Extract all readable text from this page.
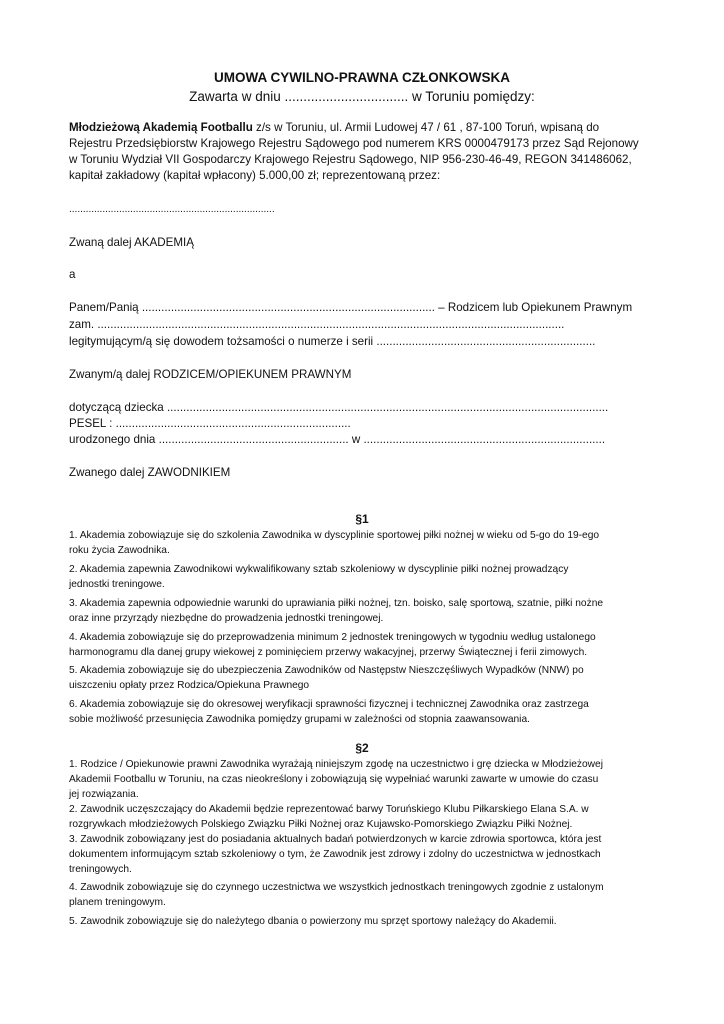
UMOWA CYWILNO-PRAWNA CZŁONKOWSKA
Zawarta w dniu ................................. w Toruniu pomiędzy:
Młodzieżową Akademią Footballu z/s w Toruniu, ul. Armii Ludowej 47 / 61 , 87-100 Toruń, wpisaną do
Rejestru Przedsiębiorstw Krajowego Rejestru Sądowego pod numerem KRS 0000479173 przez Sąd Rejonowy
w Toruniu Wydział VII Gospodarczy Krajowego Rejestru Sądowego, NIP 956-230-46-49, REGON 341486062,
kapitał zakładowy (kapitał wpłacony) 5.000,00 zł; reprezentowaną przez:
..........................................................................
Zwaną dalej AKADEMIĄ
a
Panem/Panią ........................................................................................... – Rodzicem lub Opiekunem Prawnym
zam. .................................................................................................................................................
legitymującym/ą się dowodem tożsamości o numerze i serii ....................................................................
Zwanym/ą dalej RODZICEM/OPIEKUNEM PRAWNYM
dotyczącą dziecka .........................................................................................................................................
PESEL : .........................................................................
urodzonego dnia ........................................................... w ...........................................................................
Zwanego dalej ZAWODNIKIEM
§1
1. Akademia zobowiązuje się do szkolenia Zawodnika w dyscyplinie sportowej piłki nożnej w wieku od 5-go do 19-ego
roku życia Zawodnika.
2. Akademia zapewnia Zawodnikowi wykwalifikowany sztab szkoleniowy w dyscyplinie piłki nożnej prowadzący
jednostki treningowe.
3. Akademia zapewnia odpowiednie warunki do uprawiania piłki nożnej, tzn. boisko, salę sportową, szatnie, piłki nożne
oraz inne przyrządy niezbędne do prowadzenia jednostki treningowej.
4. Akademia zobowiązuje się do przeprowadzenia minimum 2 jednostek treningowych w tygodniu według ustalonego
harmonogramu dla danej grupy wiekowej z pominięciem przerwy wakacyjnej, przerwy Świątecznej i ferii zimowych.
5. Akademia zobowiązuje się do ubezpieczenia Zawodników od Następstw Nieszczęśliwych Wypadków (NNW) po
uiszczeniu opłaty przez Rodzica/Opiekuna Prawnego
6. Akademia zobowiązuje się do okresowej weryfikacji sprawności fizycznej i technicznej Zawodnika oraz zastrzega
sobie możliwość przesunięcia Zawodnika pomiędzy grupami w zależności od stopnia zaawansowania.
§2
1. Rodzice / Opiekunowie prawni Zawodnika wyrażają niniejszym zgodę na uczestnictwo i grę dziecka w Młodzieżowej
Akademii Footballu w Toruniu, na czas nieokreślony i zobowiązują się wypełniać warunki zawarte w umowie do czasu
jej rozwiązania.
2. Zawodnik uczęszczający do Akademii będzie reprezentować barwy Toruńskiego Klubu Piłkarskiego Elana S.A. w
rozgrywkach młodzieżowych Polskiego Związku Piłki Nożnej oraz Kujawsko-Pomorskiego Związku Piłki Nożnej.
3. Zawodnik zobowiązany jest do posiadania aktualnych badań potwierdzonych w karcie zdrowia sportowca, która jest
dokumentem informującym sztab szkoleniowy o tym, że Zawodnik jest zdrowy i zdolny do uczestnictwa w jednostkach
treningowych.
4. Zawodnik zobowiązuje się do czynnego uczestnictwa we wszystkich jednostkach treningowych zgodnie z ustalonym
planem treningowym.
5. Zawodnik zobowiązuje się do należytego dbania o powierzony mu sprzęt sportowy należący do Akademii.
